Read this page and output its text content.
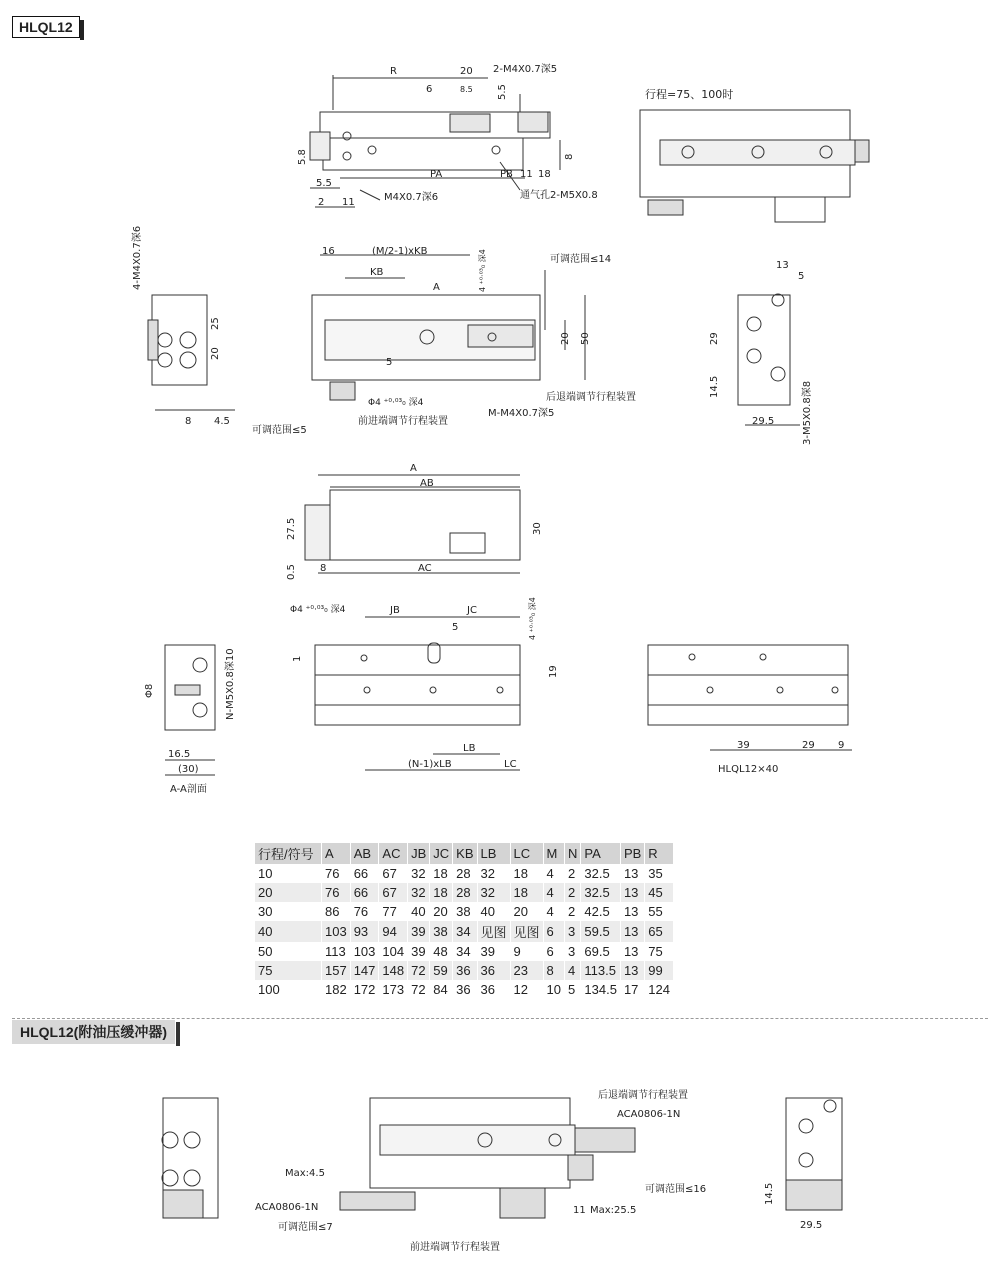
HLQL12
R	20 2-M4X0.7深5
6	8.5 5.5
5.8
5.5
2 11
PA	PB 11 18
8
M4X0.7深6	通气孔2-M5X0.8
行程=75、100时
4-M4X0.7深6
25
20
8 4.5
16	(M/2-1)xKB
KB	4 ⁺⁰·⁰³₀ 深4	可调范围≤14
A
5
20 50
Φ4 ⁺⁰·⁰³₀ 深4
M-M4X0.7深5
后退端调节行程装置
前进端调节行程装置
可调范围≤5
13
5
29
14.5
29.5	3-M5X0.8深8
A
AB
AC
27.5
0.5 8
30
N-M5X0.8深10
Φ8
16.5
(30)
A-A剖面
Φ4 ⁺⁰·⁰³₀ 深4	JB	JC
5	4 ⁺⁰·⁰³₀ 深4
1
19
LB
(N-1)xLB	LC
39	29 9
HLQL12×40
后退端调节行程装置
ACA0806-1N
Max:4.5
ACA0806-1N
可调范围≤7
可调范围≤16
11 Max:25.5
前进端调节行程装置
14.5
29.5
行程/符号	A	AB	AC	JB	JC	KB	LB	LC	M	N	PA	PB	R
10	76	66	67	32	18	28	32	18	4	2	32.5	13	35
20	76	66	67	32	18	28	32	18	4	2	32.5	13	45
30	86	76	77	40	20	38	40	20	4	2	42.5	13	55
40	103	93	94	39	38	34	见图	见图	6	3	59.5	13	65
50	113	103	104	39	48	34	39	9	6	3	69.5	13	75
75	157	147	148	72	59	36	36	23	8	4	113.5	13	99
100	182	172	173	72	84	36	36	12	10	5	134.5	17	124
HLQL12(附油压缓冲器)
